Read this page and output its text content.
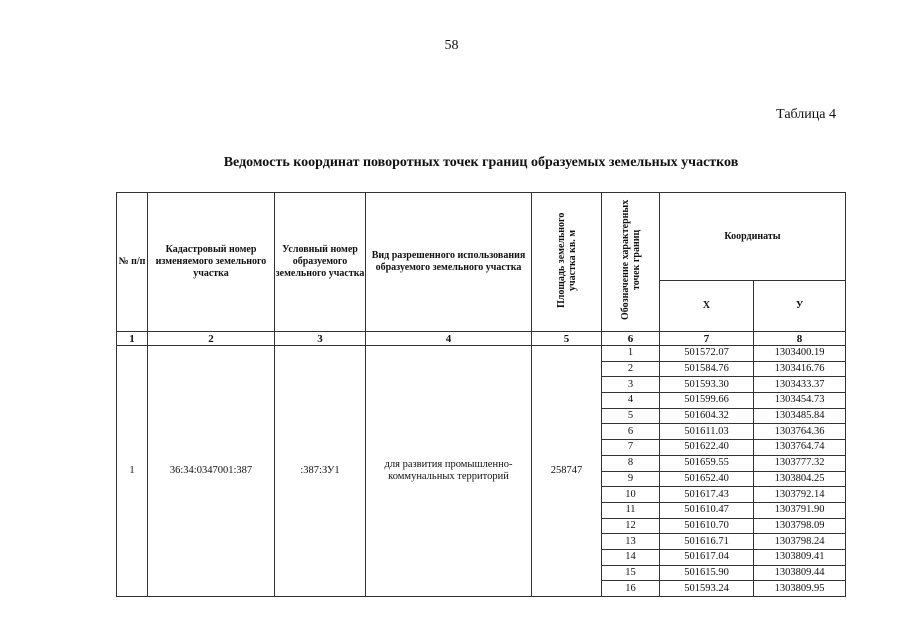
58
Таблица 4
Ведомость координат поворотных точек границ образуемых земельных участков
№ п/п	Кадастровый номер изменяемого земельного участка	Условный номер образуемого земельного участка	Вид разрешенного использования образуемого земельного участка	Площадь земельного участка кв. м	Обозначение характерных точек границ	Координаты	
						X	У
1	2	3	4	5	6	7	8
1	36:34:0347001:387	:387:ЗУ1	для развития промышленно-коммунальных территорий	258747	1	501572.07	1303400.19
					2	501584.76	1303416.76
					3	501593.30	1303433.37
					4	501599.66	1303454.73
					5	501604.32	1303485.84
					6	501611.03	1303764.36
					7	501622.40	1303764.74
					8	501659.55	1303777.32
					9	501652.40	1303804.25
					10	501617.43	1303792.14
					11	501610.47	1303791.90
					12	501610.70	1303798.09
					13	501616.71	1303798.24
					14	501617.04	1303809.41
					15	501615.90	1303809.44
					16	501593.24	1303809.95
